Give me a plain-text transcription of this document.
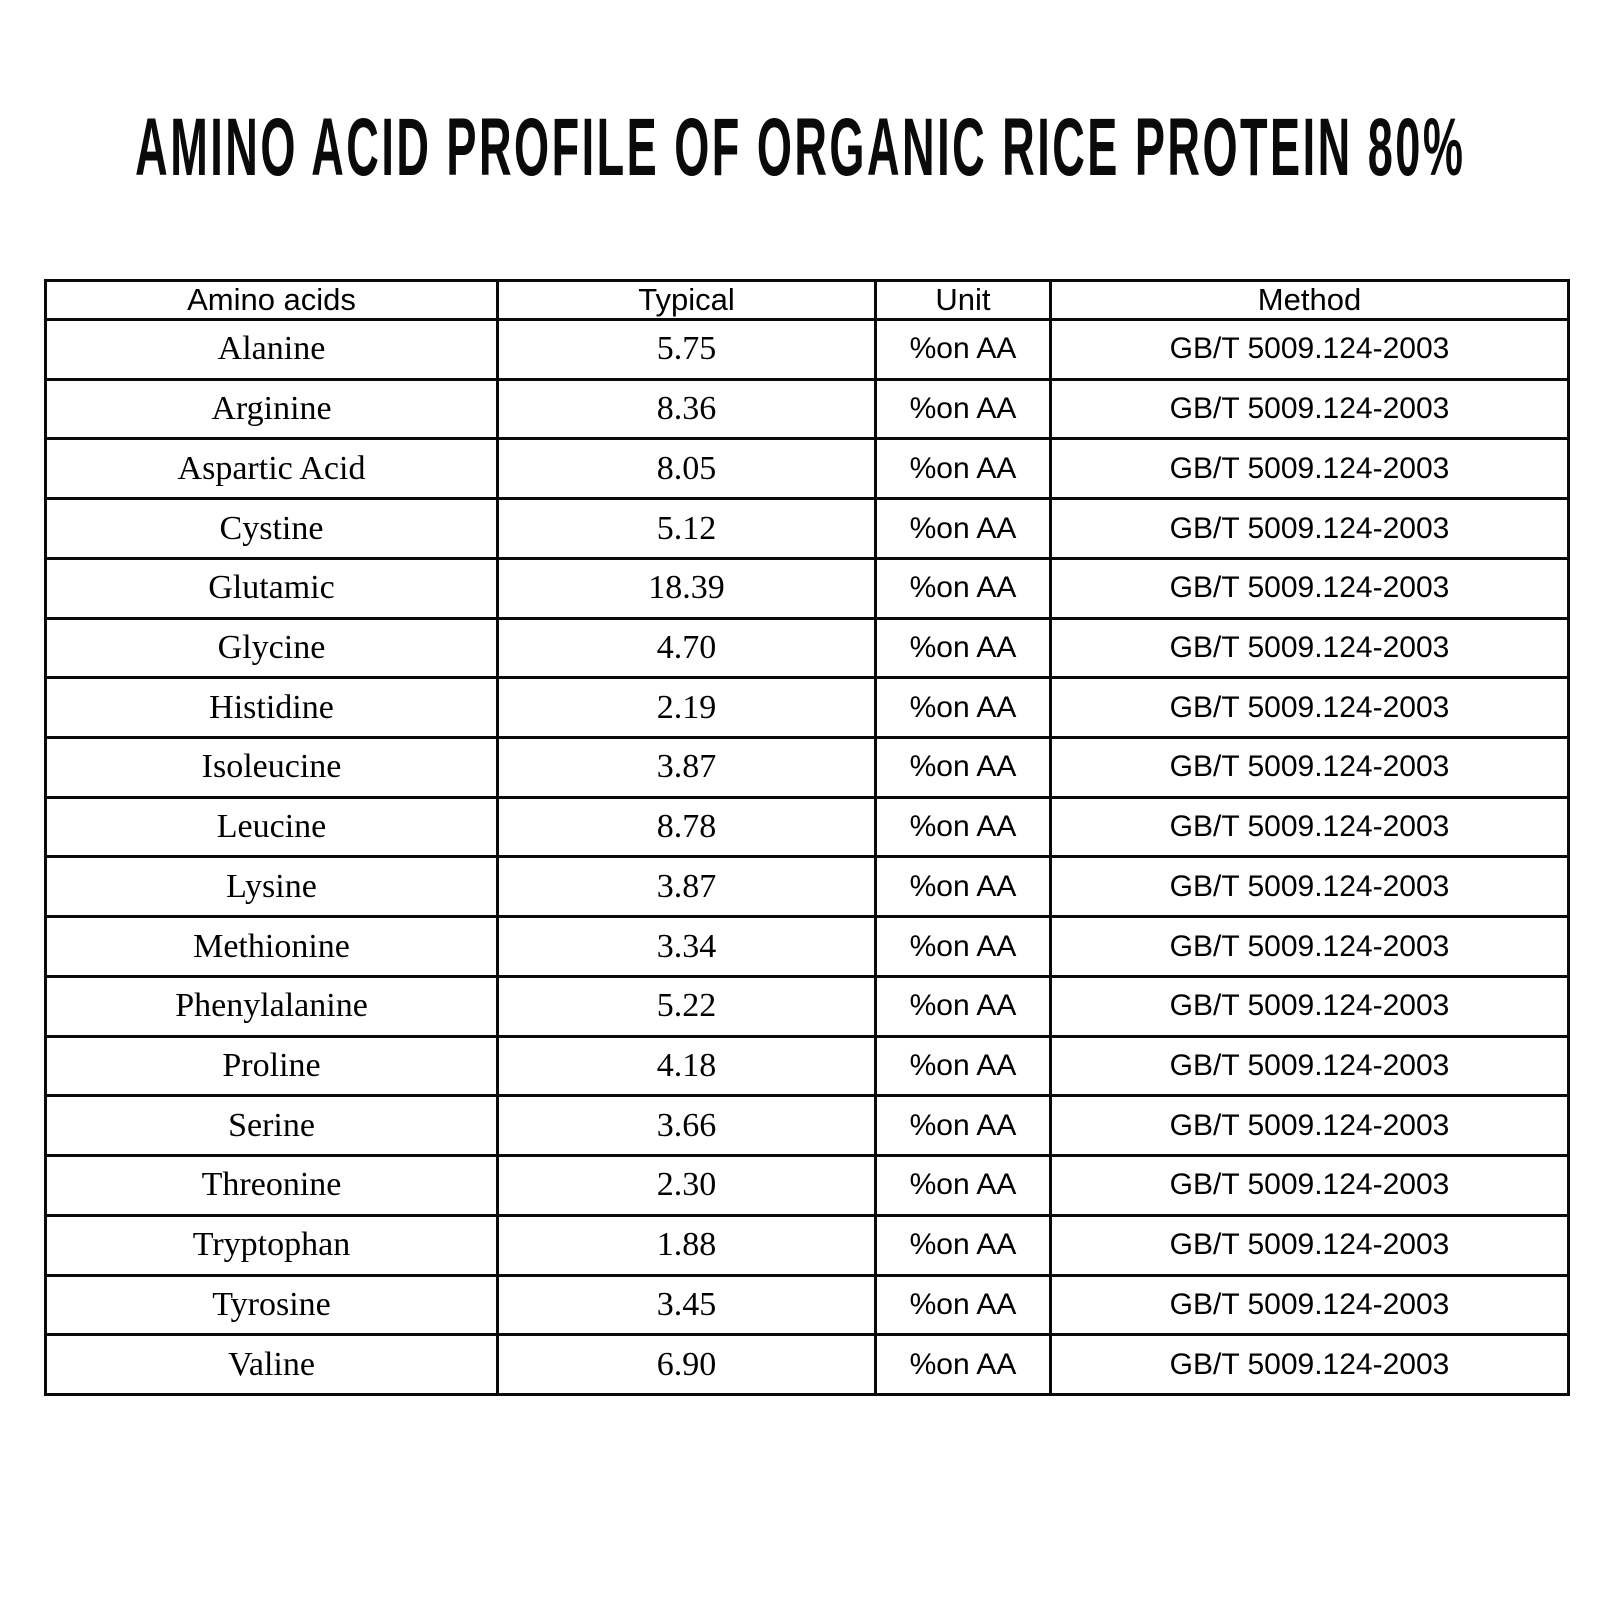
AMINO ACID PROFILE OF ORGANIC RICE PROTEIN 80%
Amino acids	Typical	Unit	Method
Alanine	5.75	%on AA	GB/T 5009.124-2003
Arginine	8.36	%on AA	GB/T 5009.124-2003
Aspartic Acid	8.05	%on AA	GB/T 5009.124-2003
Cystine	5.12	%on AA	GB/T 5009.124-2003
Glutamic	18.39	%on AA	GB/T 5009.124-2003
Glycine	4.70	%on AA	GB/T 5009.124-2003
Histidine	2.19	%on AA	GB/T 5009.124-2003
Isoleucine	3.87	%on AA	GB/T 5009.124-2003
Leucine	8.78	%on AA	GB/T 5009.124-2003
Lysine	3.87	%on AA	GB/T 5009.124-2003
Methionine	3.34	%on AA	GB/T 5009.124-2003
Phenylalanine	5.22	%on AA	GB/T 5009.124-2003
Proline	4.18	%on AA	GB/T 5009.124-2003
Serine	3.66	%on AA	GB/T 5009.124-2003
Threonine	2.30	%on AA	GB/T 5009.124-2003
Tryptophan	1.88	%on AA	GB/T 5009.124-2003
Tyrosine	3.45	%on AA	GB/T 5009.124-2003
Valine	6.90	%on AA	GB/T 5009.124-2003
